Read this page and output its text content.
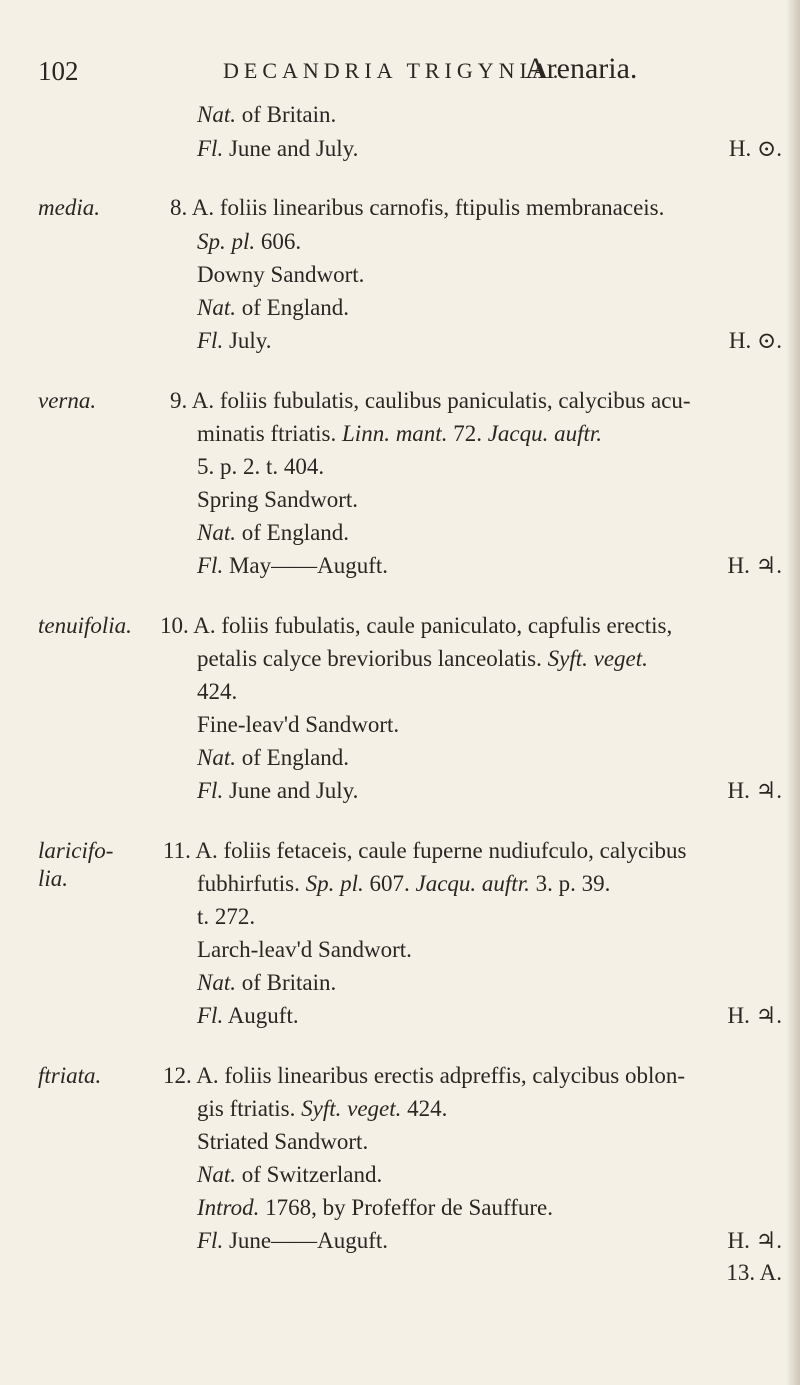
102	DECANDRIA TRIGYNIA.
Arenaria.
Nat. of Britain.
Fl. June and July.	H. ⊙.
media.	8. A. foliis linearibus carnofis, ftipulis membranaceis.
Sp. pl. 606.
Downy Sandwort.
Nat. of England.
Fl. July.	H. ⊙.
verna.	9. A. foliis fubulatis, caulibus paniculatis, calycibus acu-
minatis ftriatis. Linn. mant. 72. Jacqu. auftr.
5. p. 2. t. 404.
Spring Sandwort.
Nat. of England.
Fl. May——Auguft.	H. ♃.
tenuifolia. 10. A. foliis fubulatis, caule paniculato, capfulis erectis,
petalis calyce brevioribus lanceolatis. Syft. veget.
424.
Fine-leav'd Sandwort.
Nat. of England.
Fl. June and July.	H. ♃.
laricifo-
lia.
11. A. foliis fetaceis, caule fuperne nudiufculo, calycibus
fubhirfutis. Sp. pl. 607. Jacqu. auftr. 3. p. 39.
t. 272.
Larch-leav'd Sandwort.
Nat. of Britain.
Fl. Auguft.	H. ♃.
ftriata.	12. A. foliis linearibus erectis adpreffis, calycibus oblon-
gis ftriatis. Syft. veget. 424.
Striated Sandwort.
Nat. of Switzerland.
Introd. 1768, by Profeffor de Sauffure.
Fl. June——Auguft.	H. ♃.
13. A.
